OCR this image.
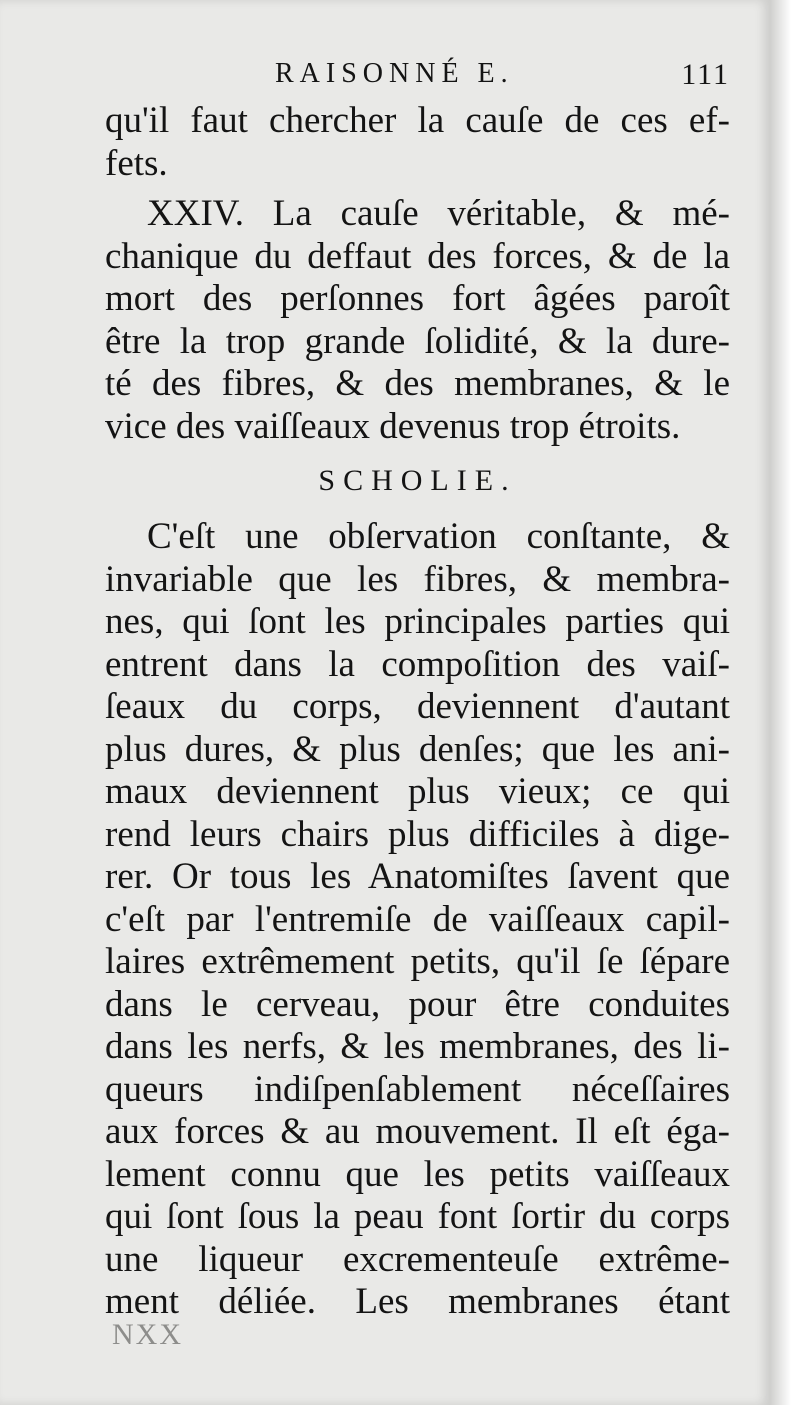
RAISONNÉ E.	111
qu'il faut chercher la cauſe de ces ef-
fets.
XXIV. La cauſe véritable, & mé-
chanique du deffaut des forces, & de la
mort des perſonnes fort âgées paroît
être la trop grande ſolidité, & la dure-
té des fibres, & des membranes, & le
vice des vaiſſeaux devenus trop étroits.
SCHOLIE.
C'eſt une obſervation conſtante, &
invariable que les fibres, & membra-
nes, qui ſont les principales parties qui
entrent dans la compoſition des vaiſ-
ſeaux du corps, deviennent d'autant
plus dures, & plus denſes; que les ani-
maux deviennent plus vieux; ce qui
rend leurs chairs plus difficiles à dige-
rer. Or tous les Anatomiſtes ſavent que
c'eſt par l'entremiſe de vaiſſeaux capil-
laires extrêmement petits, qu'il ſe ſépare
dans le cerveau, pour être conduites
dans les nerfs, & les membranes, des li-
queurs indiſpenſablement néceſſaires
aux forces & au mouvement. Il eſt éga-
lement connu que les petits vaiſſeaux
qui ſont ſous la peau font ſortir du corps
une liqueur excrementeuſe extrême-
ment déliée. Les membranes étant
NXX
